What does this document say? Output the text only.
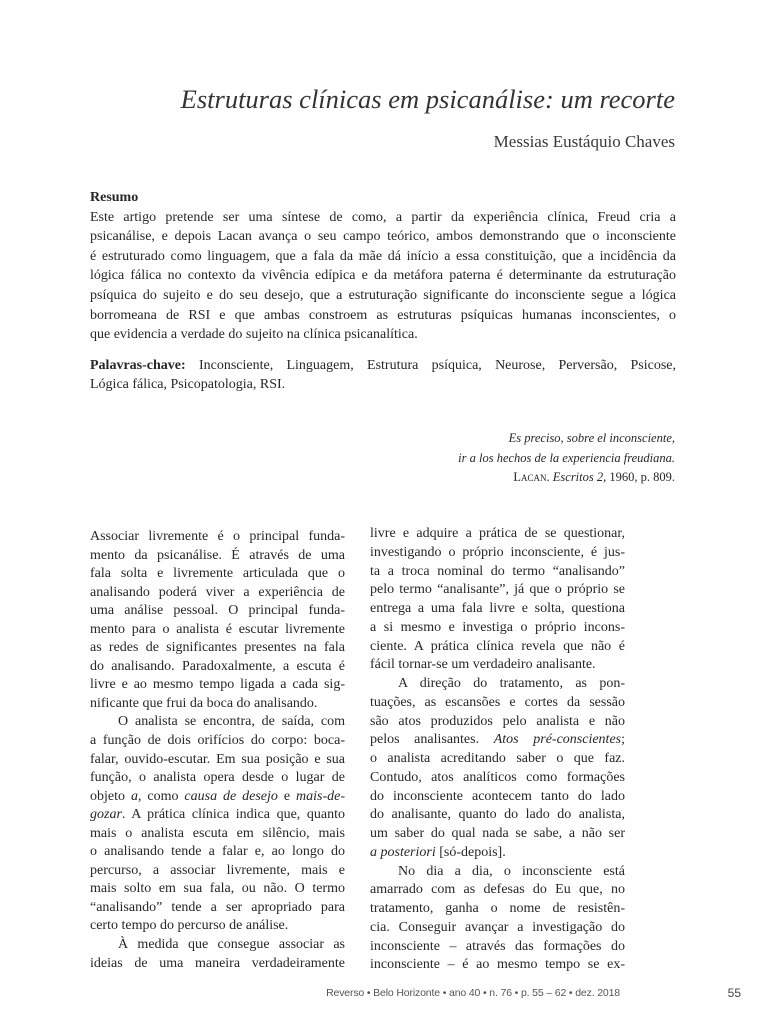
Estruturas clínicas em psicanálise: um recorte
Messias Eustáquio Chaves
Resumo
Este artigo pretende ser uma síntese de como, a partir da experiência clínica, Freud cria a
psicanálise, e depois Lacan avança o seu campo teórico, ambos demonstrando que o inconsciente
é estruturado como linguagem, que a fala da mãe dá início a essa constituição, que a incidência da
lógica fálica no contexto da vivência edípica e da metáfora paterna é determinante da estruturação
psíquica do sujeito e do seu desejo, que a estruturação significante do inconsciente segue a lógica
borromeana de RSI e que ambas constroem as estruturas psíquicas humanas inconscientes, o
que evidencia a verdade do sujeito na clínica psicanalítica.
Palavras-chave: Inconsciente, Linguagem, Estrutura psíquica, Neurose, Perversão, Psicose,
Lógica fálica, Psicopatologia, RSI.
Es preciso, sobre el inconsciente,
ir a los hechos de la experiencia freudiana.
Lacan. Escritos 2, 1960, p. 809.
Associar livremente é o principal funda-
mento da psicanálise. É através de uma
fala solta e livremente articulada que o
analisando poderá viver a experiência de
uma análise pessoal. O principal funda-
mento para o analista é escutar livremente
as redes de significantes presentes na fala
do analisando. Paradoxalmente, a escuta é
livre e ao mesmo tempo ligada a cada sig-
nificante que frui da boca do analisando.
O analista se encontra, de saída, com
a função de dois orifícios do corpo: boca-
falar, ouvido-escutar. Em sua posição e sua
função, o analista opera desde o lugar de
objeto a, como causa de desejo e mais-de-
gozar. A prática clínica indica que, quanto
mais o analista escuta em silêncio, mais
o analisando tende a falar e, ao longo do
percurso, a associar livremente, mais e
mais solto em sua fala, ou não. O termo
“analisando” tende a ser apropriado para
certo tempo do percurso de análise.
À medida que consegue associar as
ideias de uma maneira verdadeiramente
livre e adquire a prática de se questionar,
investigando o próprio inconsciente, é jus-
ta a troca nominal do termo “analisando”
pelo termo “analisante”, já que o próprio se
entrega a uma fala livre e solta, questiona
a si mesmo e investiga o próprio incons-
ciente. A prática clínica revela que não é
fácil tornar-se um verdadeiro analisante.
A direção do tratamento, as pon-
tuações, as escansões e cortes da sessão
são atos produzidos pelo analista e não
pelos analisantes. Atos pré-conscientes;
o analista acreditando saber o que faz.
Contudo, atos analíticos como formações
do inconsciente acontecem tanto do lado
do analisante, quanto do lado do analista,
um saber do qual nada se sabe, a não ser
a posteriori [só-depois].
No dia a dia, o inconsciente está
amarrado com as defesas do Eu que, no
tratamento, ganha o nome de resistên-
cia. Conseguir avançar a investigação do
inconsciente – através das formações do
inconsciente – é ao mesmo tempo se ex-
Reverso • Belo Horizonte • ano 40 • n. 76 • p. 55 – 62 • dez. 2018	55
